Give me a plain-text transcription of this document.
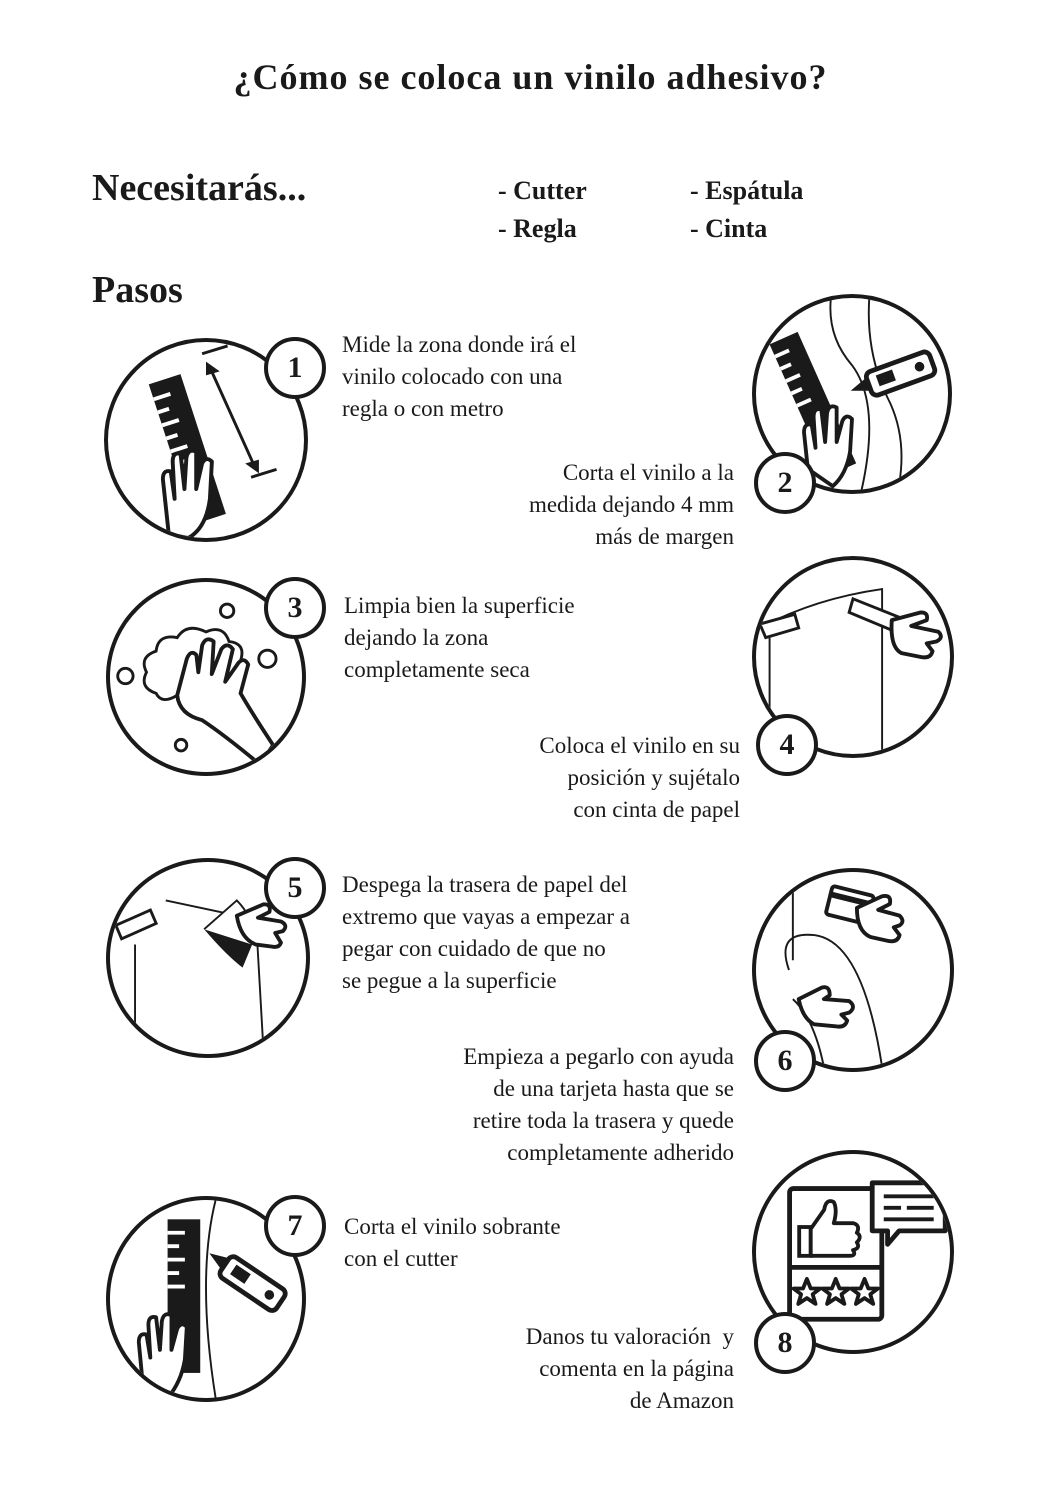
¿Cómo se coloca un vinilo adhesivo?
Necesitarás...	- Cutter	- Espátula
- Regla	- Cinta
Pasos
1
Mide la zona donde irá el
vinilo colocado con una
regla o con metro
2
Corta el vinilo a la
medida dejando 4 mm
más de margen
3	Limpia bien la superficie
dejando la zona
completamente seca
4
Coloca el vinilo en su
posición y sujétalo
con cinta de papel
5	Despega la trasera de papel del
extremo que vayas a empezar a
pegar con cuidado de que no
se pegue a la superficie
6
Empieza a pegarlo con ayuda
de una tarjeta hasta que se
retire toda la trasera y quede
completamente adherido
7	Corta el vinilo sobrante
con el cutter
8
Danos tu valoración  y
comenta en la página
de Amazon
